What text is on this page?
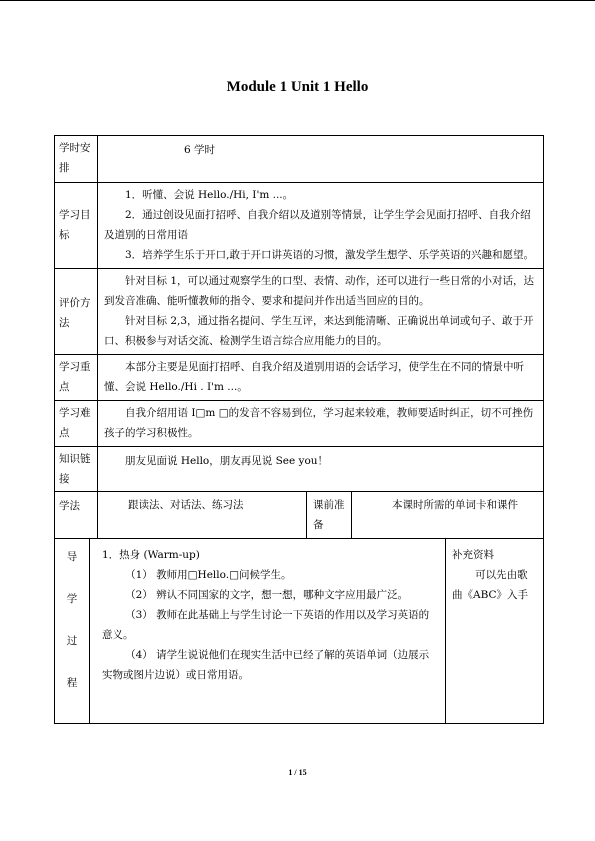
Module 1 Unit 1 Hello
学时安排
6 学时
学习目标

1．听懂、会说 Hello./Hi, I'm ...。

2．通过创设见面打招呼、自我介绍以及道别等情景，让学生学会见面打招呼、自我介绍及道别的日常用语

3．培养学生乐于开口,敢于开口讲英语的习惯，激发学生想学、乐学英语的兴趣和愿望。

评价方法

针对目标 1，可以通过观察学生的口型、表情、动作，还可以进行一些日常的小对话，达到发音准确、能听懂教师的指令、要求和提问并作出适当回应的目的。

针对目标 2,3，通过指名提问、学生互评，来达到能清晰、正确说出单词或句子、敢于开口、积极参与对话交流、检测学生语言综合应用能力的目的。

学习重点

本部分主要是见面打招呼、自我介绍及道别用语的会话学习，使学生在不同的情景中听懂、会说 Hello./Hi . I'm ...。

学习难点

自我介绍用语 I□m □的发音不容易到位，学习起来较难，教师要适时纠正，切不可挫伤孩子的学习积极性。

知识链接

朋友见面说 Hello，朋友再见说 See you！

学法	跟读法、对话法、练习法	课前准备
本课时所需的单词卡和课件
导
学
过
程

1．热身 (Warm-up)

（1） 教师用□Hello.□问候学生。

（2） 辨认不同国家的文字，想一想，哪种文字应用最广泛。

（3） 教师在此基础上与学生讨论一下英语的作用以及学习英语的意义。

（4） 请学生说说他们在现实生活中已经了解的英语单词（边展示实物或图片边说）或日常用语。

补充资料

可以先由歌曲《ABC》入手

1 / 15
